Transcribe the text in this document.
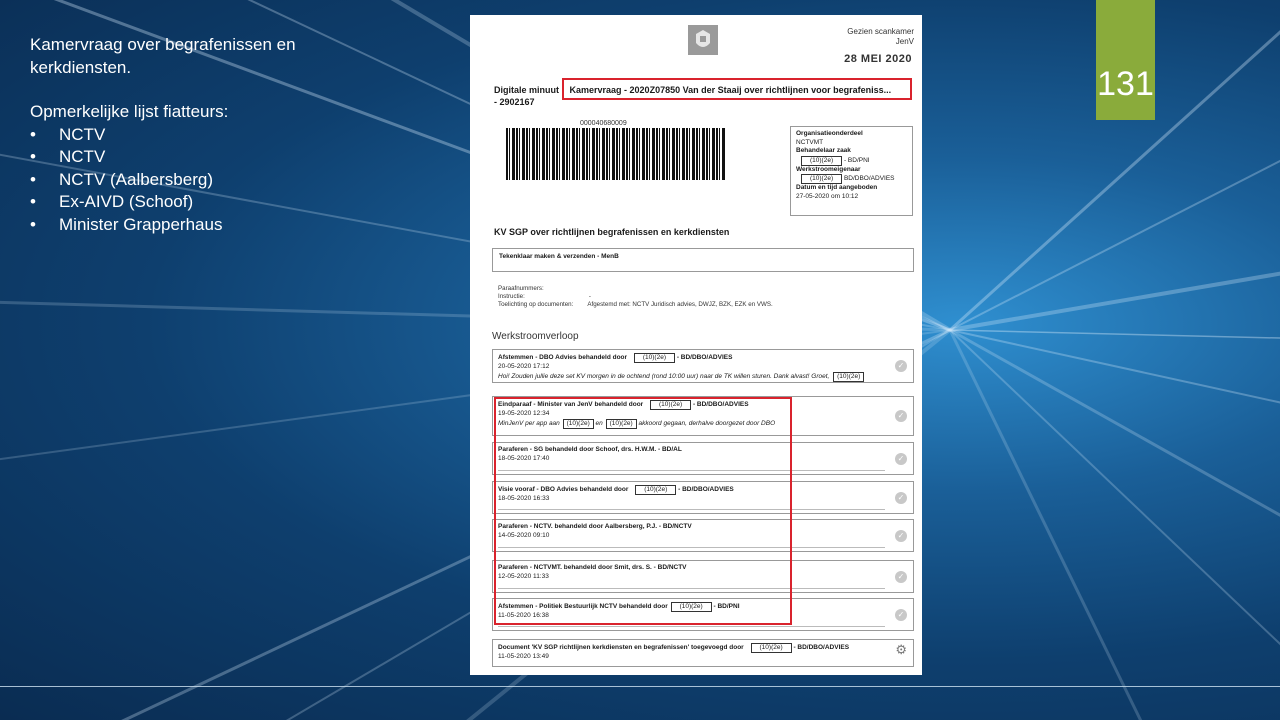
Kamervraag over begrafenissen en

kerkdiensten.

Opmerkelijke lijst fiatteurs:

• NCTV
• NCTV
• NCTV (Aalbersberg)
• Ex-AIVD (Schoof)
• Minister Grapperhaus
131
Gezien scankamer
JenV
28 MEI 2020
Digitale minuut Kamervraag - 2020Z07850 Van der Staaij over richtlijnen voor begrafeniss...
- 2902167
000040680009
Organisatieonderdeel
NCTVMT
Behandelaar zaak
(10)(2e) - BD/PNI
Werkstroomeigenaar
(10)(2e) BD/DBO/ADVIES
Datum en tijd aangeboden
27-05-2020 om 10:12
KV SGP over richtlijnen begrafenissen en kerkdiensten
Tekenklaar maken & verzenden - MenB
Paraafnummers:
Instructie:	-
Toelichting op documenten: Afgestemd met: NCTV Juridisch advies, DWJZ, BZK, EZK en VWS.
Werkstroomverloop
Afstemmen - DBO Advies behandeld door (10)(2e) - BD/DBO/ADVIES
20-05-2020 17:12
Hoi! Zouden jullie deze set KV morgen in de ochtend (rond 10:00 uur) naar de TK willen sturen. Dank alvast! Groet, (10)(2e)
✓
Eindparaaf - Minister van JenV behandeld door (10)(2e) - BD/DBO/ADVIES
19-05-2020 12:34
MinJenV per app aan (10)(2e) en (10)(2e) akkoord gegaan, derhalve doorgezet door DBO
✓
Paraferen - SG behandeld door Schoof, drs. H.W.M. - BD/AL
18-05-2020 17:40	✓
Visie vooraf - DBO Advies behandeld door (10)(2e) - BD/DBO/ADVIES
18-05-2020 16:33	✓
Paraferen - NCTV. behandeld door Aalbersberg, P.J. - BD/NCTV
14-05-2020 09:10	✓
Paraferen - NCTVMT. behandeld door Smit, drs. S. - BD/NCTV
12-05-2020 11:33	✓
Afstemmen - Politiek Bestuurlijk NCTV behandeld door (10)(2e) - BD/PNI
11-05-2020 16:38	✓
Document 'KV SGP richtlijnen kerkdiensten en begrafenissen' toegevoegd door (10)(2e) - BD/DBO/ADVIES
11-05-2020 13:49	⚙
